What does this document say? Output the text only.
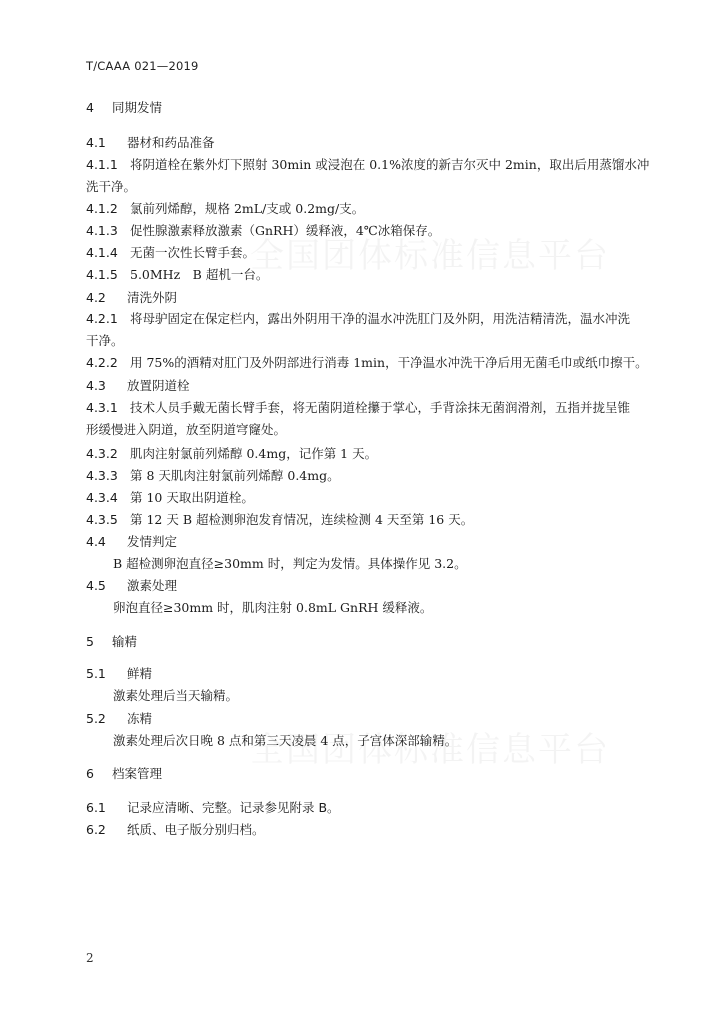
T/CAAA 021—2019
4 同期发情
4.1 器材和药品准备
4.1.1 将阴道栓在紫外灯下照射 30min 或浸泡在 0.1%浓度的新吉尔灭中 2min，取出后用蒸馏水冲
洗干净。
4.1.2 氯前列烯醇，规格 2mL/支或 0.2mg/支。
4.1.3 促性腺激素释放激素（GnRH）缓释液，4℃冰箱保存。
4.1.4 无菌一次性长臂手套。
4.1.5 5.0MHz　B 超机一台。
4.2 清洗外阴
4.2.1 将母驴固定在保定栏内，露出外阴用干净的温水冲洗肛门及外阴，用洗洁精清洗，温水冲洗
干净。
4.2.2 用 75%的酒精对肛门及外阴部进行消毒 1min，干净温水冲洗干净后用无菌毛巾或纸巾擦干。
4.3 放置阴道栓
4.3.1 技术人员手戴无菌长臂手套，将无菌阴道栓攥于掌心，手背涂抹无菌润滑剂，五指并拢呈锥
形缓慢进入阴道，放至阴道穹窿处。
4.3.2 肌肉注射氯前列烯醇 0.4mg，记作第 1 天。
4.3.3 第 8 天肌肉注射氯前列烯醇 0.4mg。
4.3.4 第 10 天取出阴道栓。
4.3.5 第 12 天 B 超检测卵泡发育情况，连续检测 4 天至第 16 天。
4.4 发情判定
B 超检测卵泡直径≥30mm 时，判定为发情。具体操作见 3.2。
4.5 激素处理
卵泡直径≥30mm 时，肌肉注射 0.8mL GnRH 缓释液。
5 输精
5.1 鲜精
激素处理后当天输精。
5.2 冻精
激素处理后次日晚 8 点和第三天凌晨 4 点，子宫体深部输精。
6 档案管理
6.1 记录应清晰、完整。记录参见附录 B。
6.2 纸质、电子版分别归档。
2
